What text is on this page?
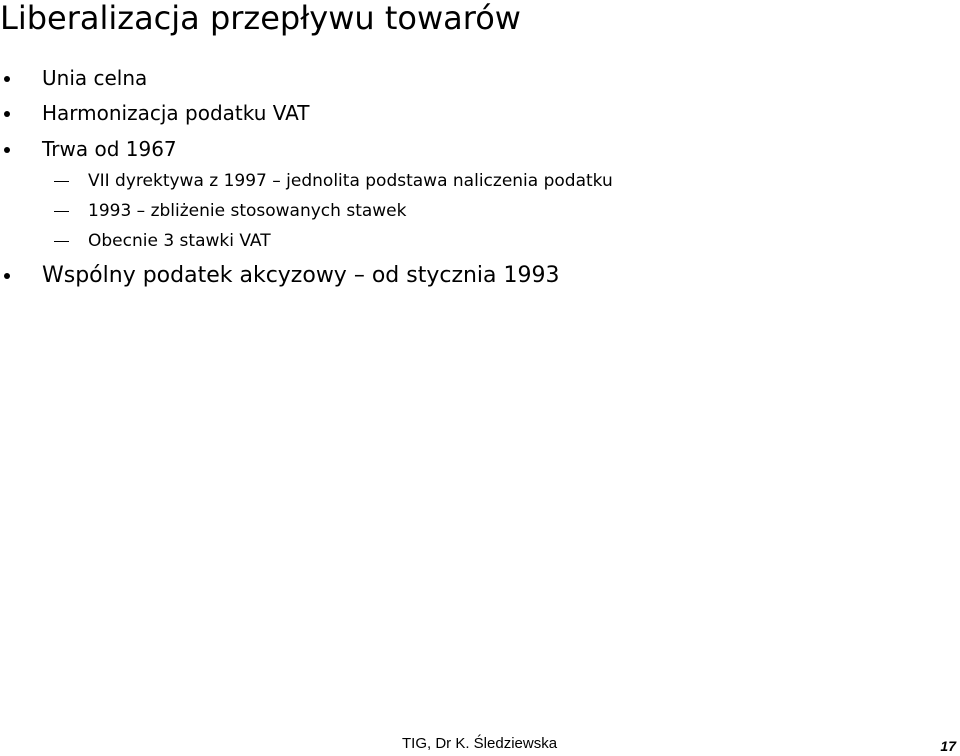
Liberalizacja przepływu towarów
Unia celna
Harmonizacja podatku VAT
Trwa od 1967
VII dyrektywa z 1997 – jednolita podstawa naliczenia podatku
1993 – zbliżenie stosowanych stawek
Obecnie 3 stawki VAT
Wspólny podatek akcyzowy – od stycznia 1993
TIG, Dr K. Śledziewska	17
